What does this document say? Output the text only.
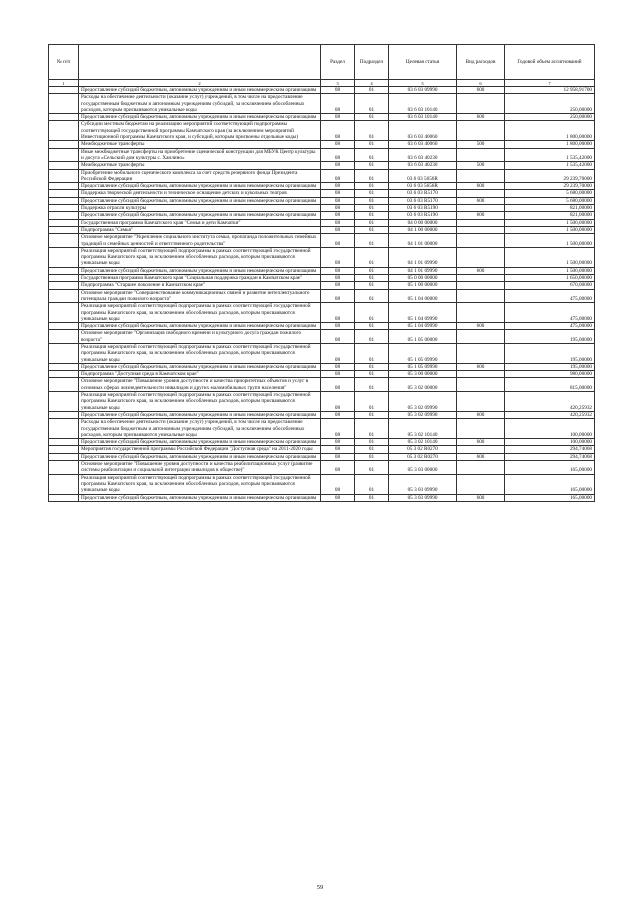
№ п/п		Раздел	Подраздел	Целевая статья	Вид расходов	Годовой объем ассигнований
1	2	3	4	5	6	7
	Предоставление субсидий бюджетным, автономным учреждениям и иным некоммерческим организациям	08	01	03 6 03 09990	600	12 958,91700
	Расходы на обеспечение деятельности (оказание услуг) учреждений, в том числе на предоставление государственным бюджетным и автономным учреждениям субсидий, за исключением обособленных расходов, которым присваиваются уникальные коды	08	01	03 6 03 10140		250,00000
	Предоставление субсидий бюджетным, автономным учреждениям и иным некоммерческим организациям	08	01	03 6 03 10140	600	250,00000
	Субсидии местным бюджетам на реализацию мероприятий соответствующей подпрограммы соответствующей государственной программы Камчатского края (за исключением мероприятий Инвестиционной программы Камчатского края, и субсидий, которым присвоены отдельные коды)	08	01	03 6 03 40060		1 800,00000
	Межбюджетные трансферты	08	01	03 6 03 40060	500	1 800,00000
	Иные межбюджетные трансферты на приобретение сценической конструкции для МБУК Центр культуры и досуга «Сельский дом культуры с. Хаилино»	08	01	03 6 03 40230		1 535,42000
	Межбюджетные трансферты	08	01	03 6 03 40230	500	1 535,42000
	Приобретение мобильного сценического комплекса за счет средств резервного фонда Президента Российской Федерации	08	01	03 6 03 5656R		29 239,70000
	Предоставление субсидий бюджетным, автономным учреждениям и иным некоммерческим организациям	08	01	03 6 03 5656R	600	29 239,70000
	Поддержка творческой деятельности и техническое оснащение детских и кукольных театров	08	01	03 6 03 R5170		5 680,00000
	Предоставление субсидий бюджетным, автономным учреждениям и иным некоммерческим организациям	08	01	03 6 03 R5170	600	5 680,00000
	Поддержка отрасли культуры	08	01	03 6 03 R5190		821,00000
	Предоставление субсидий бюджетным, автономным учреждениям и иным некоммерческим организациям	08	01	03 6 03 R5190	600	821,00000
	Государственная программа Камчатского края "Семья и дети Камчатки"	08	01	04 0 00 00000		1 500,00000
	Подпрограмма "Семья"	08	01	04 1 00 00000		1 500,00000
	Основное мероприятие "Укрепление социального института семьи, пропаганда положительных семейных традиций и семейных ценностей и ответственного родительства"	08	01	04 1 01 00000		1 500,00000
	Реализация мероприятий соответствующей подпрограммы в рамках соответствующей государственной программы Камчатского края, за исключением обособленных расходов, которым присваиваются уникальные коды	08	01	04 1 01 09990		1 500,00000
	Предоставление субсидий бюджетным, автономным учреждениям и иным некоммерческим организациям	08	01	04 1 01 09990	600	1 500,00000
	Государственная программа Камчатского края "Социальная поддержка граждан в Камчатском крае"	08	01	05 0 00 00000		1 650,00000
	Подпрограмма "Старшее поколение в Камчатском крае"	08	01	05 1 00 00000		670,00000
	Основное мероприятие "Совершенствование коммуникационных связей и развитие интеллектуального потенциала граждан пожилого возраста"	08	01	05 1 04 00000		475,00000
	Реализация мероприятий соответствующей подпрограммы в рамках соответствующей государственной программы Камчатского края, за исключением обособленных расходов, которым присваиваются уникальные коды	08	01	05 1 04 09990		475,00000
	Предоставление субсидий бюджетным, автономным учреждениям и иным некоммерческим организациям	08	01	05 1 04 09990	600	475,00000
	Основное мероприятие "Организация свободного времени и культурного досуга граждан пожилого возраста"	08	01	05 1 05 00000		195,00000
	Реализация мероприятий соответствующей подпрограммы в рамках соответствующей государственной программы Камчатского края, за исключением обособленных расходов, которым присваиваются уникальные коды	08	01	05 1 05 09990		195,00000
	Предоставление субсидий бюджетным, автономным учреждениям и иным некоммерческим организациям	08	01	05 1 05 09990	600	195,00000
	Подпрограмма "Доступная среда в Камчатском крае"	08	01	05 3 00 00000		980,00000
	Основное мероприятие "Повышение уровня доступности и качества приоритетных объектов и услуг в основных сферах жизнедеятельности инвалидов и других маломобильных групп населения"	08	01	05 3 02 00000		815,00000
	Реализация мероприятий соответствующей подпрограммы в рамках соответствующей государственной программы Камчатского края, за исключением обособленных расходов, которым присваиваются уникальные коды	08	01	05 3 02 09990		420,25932
	Предоставление субсидий бюджетным, автономным учреждениям и иным некоммерческим организациям	08	01	05 3 02 09990	600	420,25932
	Расходы на обеспечение деятельности (оказание услуг) учреждений, в том числе на предоставление государственным бюджетным и автономным учреждениям субсидий, за исключением обособленных расходов, которым присваиваются уникальные коды	08	01	05 3 02 10140		100,00000
	Предоставление субсидий бюджетным, автономным учреждениям и иным некоммерческим организациям	08	01	05 3 02 10140	600	100,00000
	Мероприятия государственной программы Российской Федерации "Доступная среда" на 2011-2020 годы	08	01	05 3 02 R0270		294,74068
	Предоставление субсидий бюджетным, автономным учреждениям и иным некоммерческим организациям	08	01	05 3 02 R0270	600	294,74068
	Основное мероприятие "Повышение уровня доступности и качества реабилитационных услуг (развитие системы реабилитации и социальной интеграции инвалидов в обществе)"	08	01	05 3 03 00000		165,00000
	Реализация мероприятий соответствующей подпрограммы в рамках соответствующей государственной программы Камчатского края, за исключением обособленных расходов, которым присваиваются уникальные коды	08	01	05 3 03 09990		165,00000
	Предоставление субсидий бюджетным, автономным учреждениям и иным некоммерческим организациям	08	01	05 3 03 09990	600	165,00000
59
